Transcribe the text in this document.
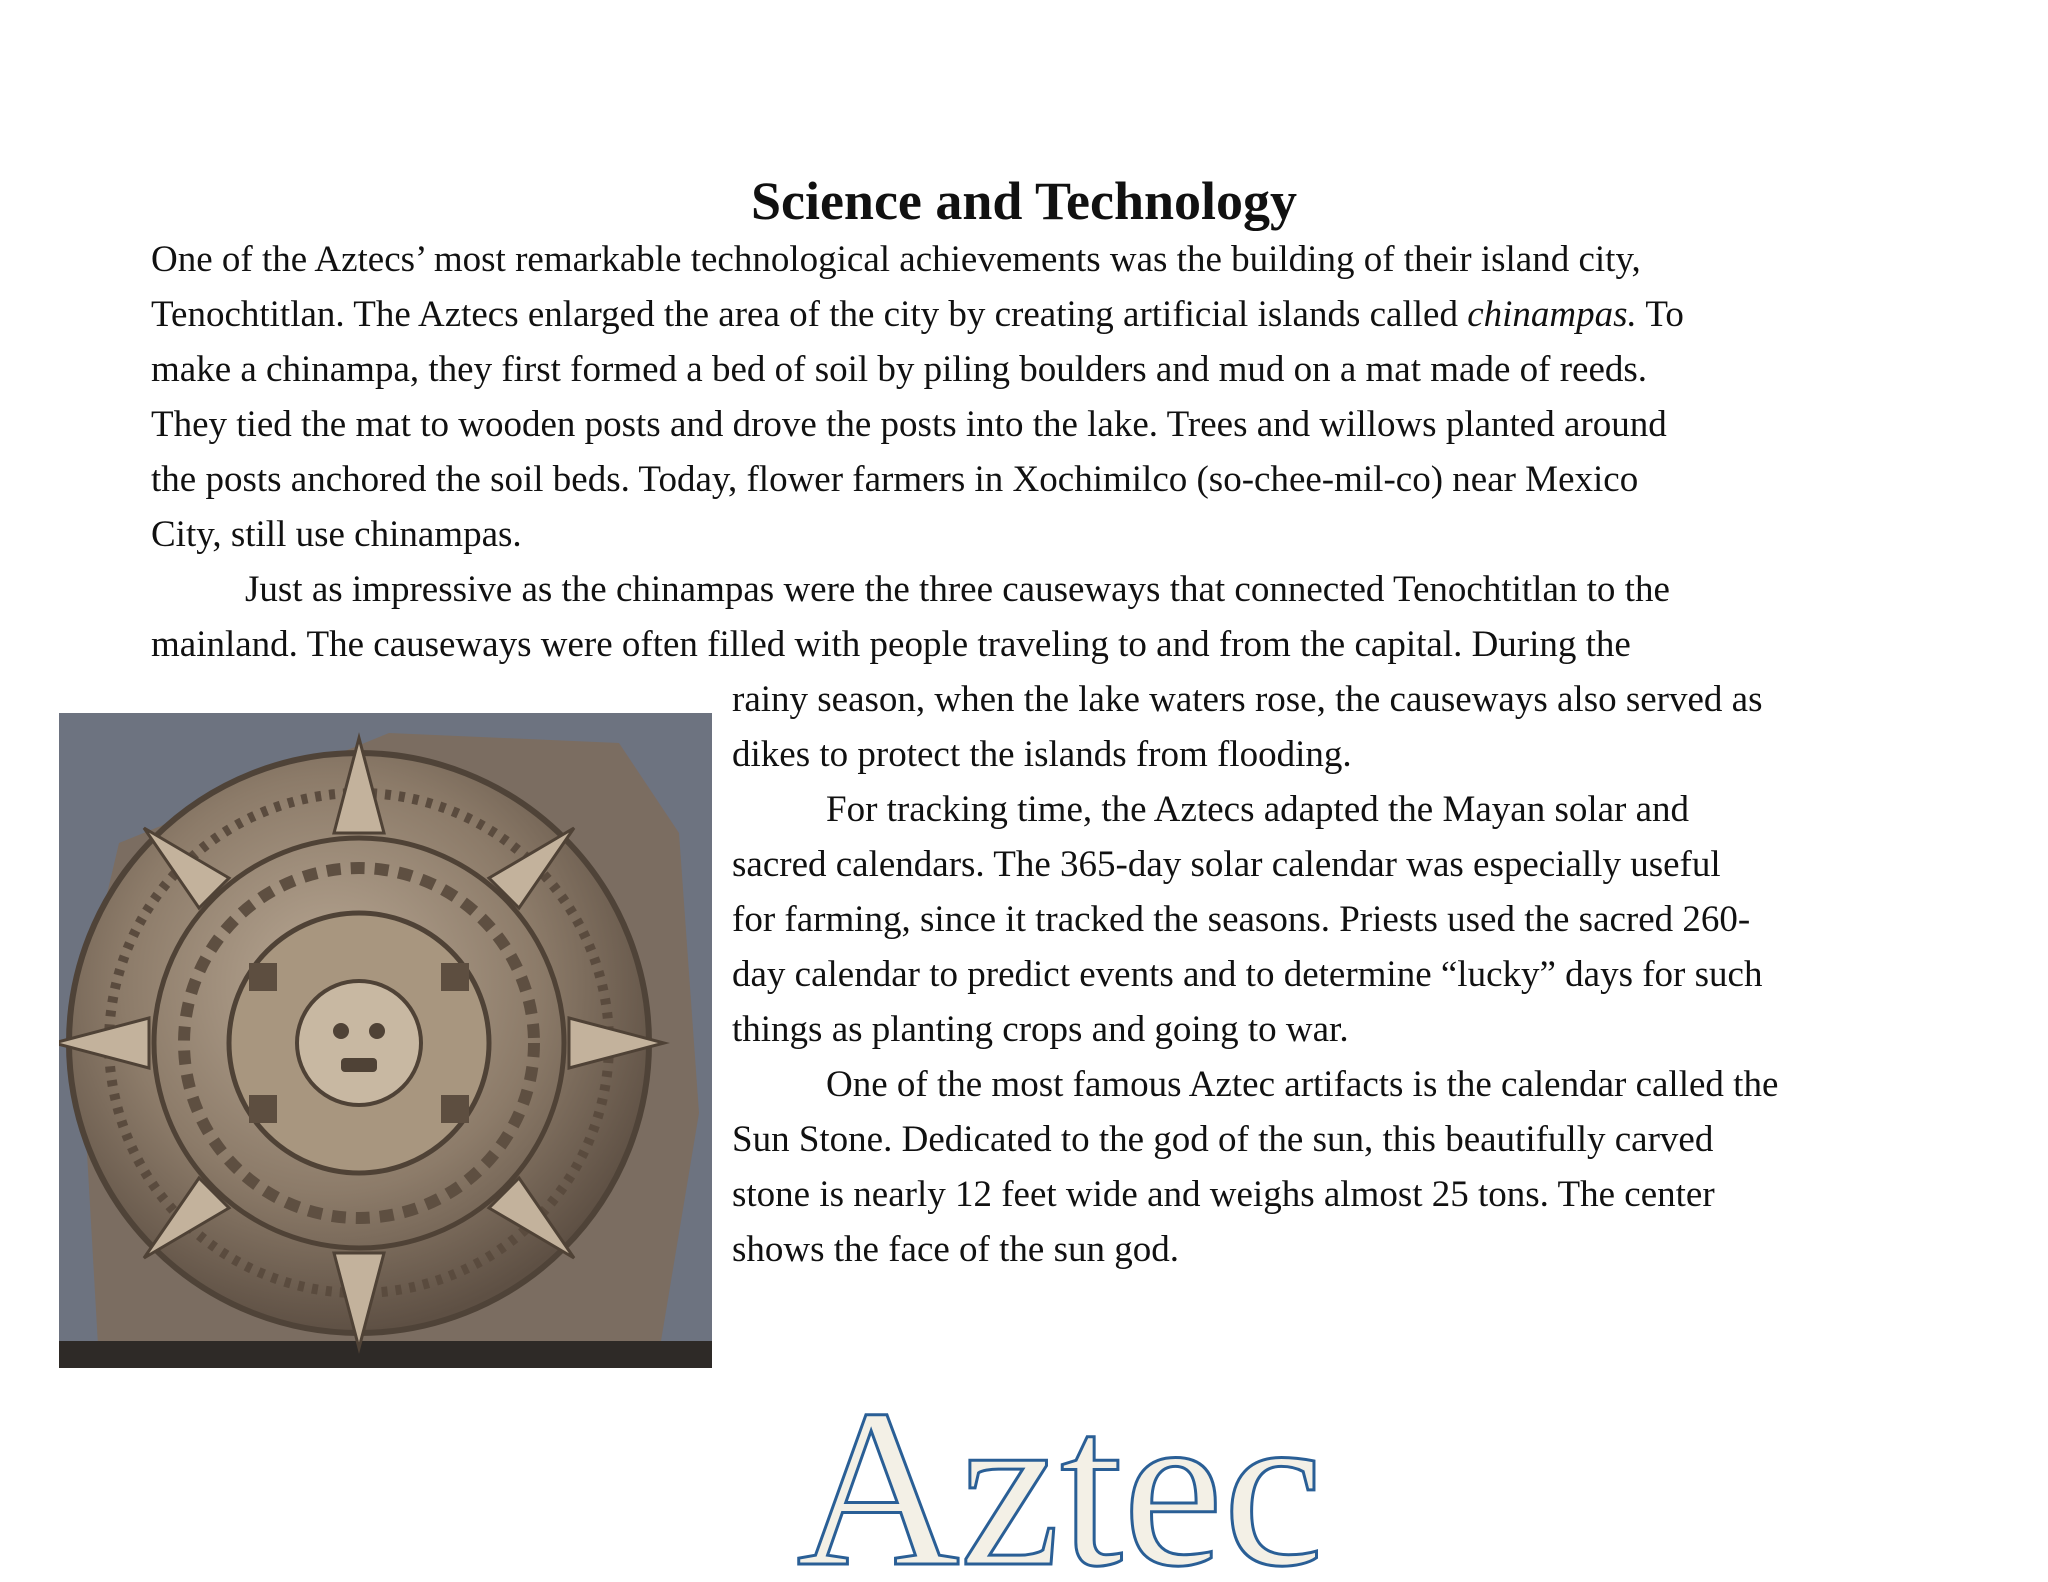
Science and Technology
One of the Aztecs’ most remarkable technological achievements was the building of their island city,
Tenochtitlan. The Aztecs enlarged the area of the city by creating artificial islands called chinampas. To
make a chinampa, they first formed a bed of soil by piling boulders and mud on a mat made of reeds.
They tied the mat to wooden posts and drove the posts into the lake. Trees and willows planted around
the posts anchored the soil beds. Today, flower farmers in Xochimilco (so-chee-mil-co) near Mexico
City, still use chinampas.
Just as impressive as the chinampas were the three causeways that connected Tenochtitlan to the
mainland. The causeways were often filled with people traveling to and from the capital. During the
rainy season, when the lake waters rose, the causeways also served as
dikes to protect the islands from flooding.
For tracking time, the Aztecs adapted the Mayan solar and
sacred calendars. The 365-day solar calendar was especially useful
for farming, since it tracked the seasons. Priests used the sacred 260-
day calendar to predict events and to determine “lucky” days for such
things as planting crops and going to war.
One of the most famous Aztec artifacts is the calendar called the
Sun Stone. Dedicated to the god of the sun, this beautifully carved
stone is nearly 12 feet wide and weighs almost 25 tons. The center
shows the face of the sun god.
Aztec
